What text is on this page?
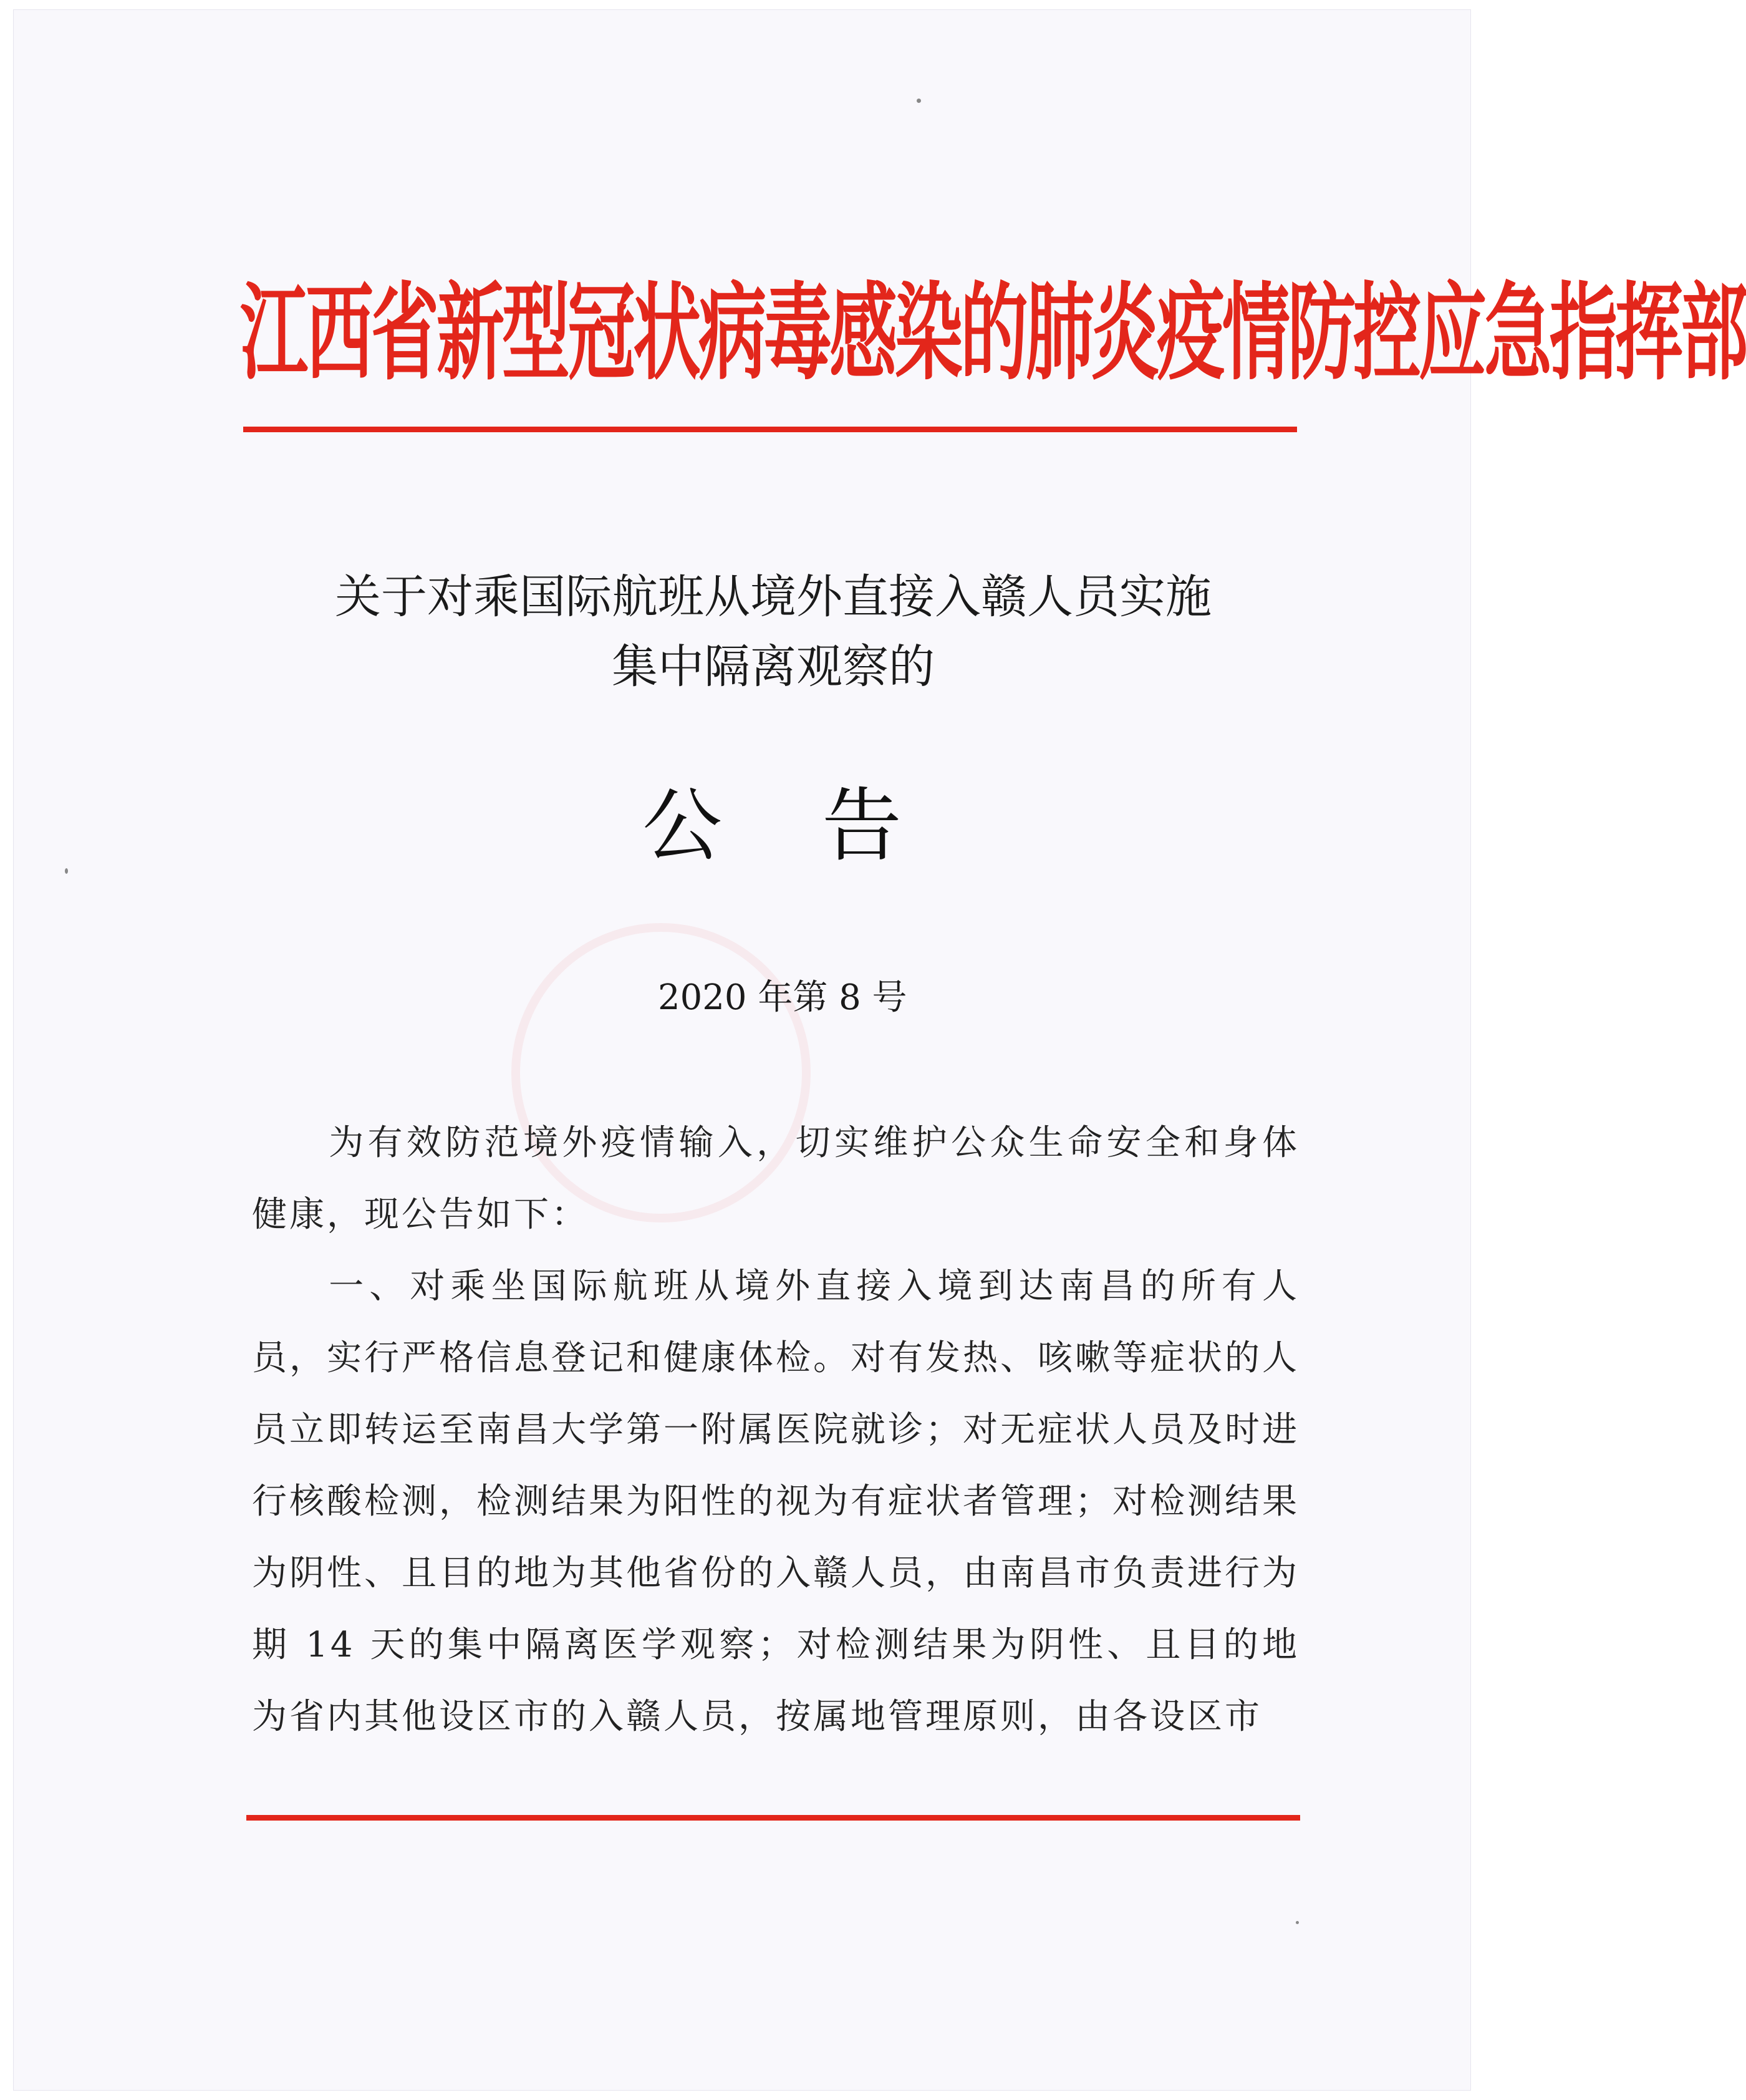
江西省新型冠状病毒感染的肺炎疫情防控应急指挥部
关于对乘国际航班从境外直接入赣人员实施
集中隔离观察的
公告
2020 年第 8 号

为有效防范境外疫情输入，切实维护公众生命安全和身体健康，现公告如下：

一、对乘坐国际航班从境外直接入境到达南昌的所有人员，实行严格信息登记和健康体检。对有发热、咳嗽等症状的人员立即转运至南昌大学第一附属医院就诊；对无症状人员及时进行核酸检测，检测结果为阳性的视为有症状者管理；对检测结果为阴性、且目的地为其他省份的入赣人员，由南昌市负责进行为期 14 天的集中隔离医学观察；对检测结果为阴性、且目的地为省内其他设区市的入赣人员，按属地管理原则，由各设区市
